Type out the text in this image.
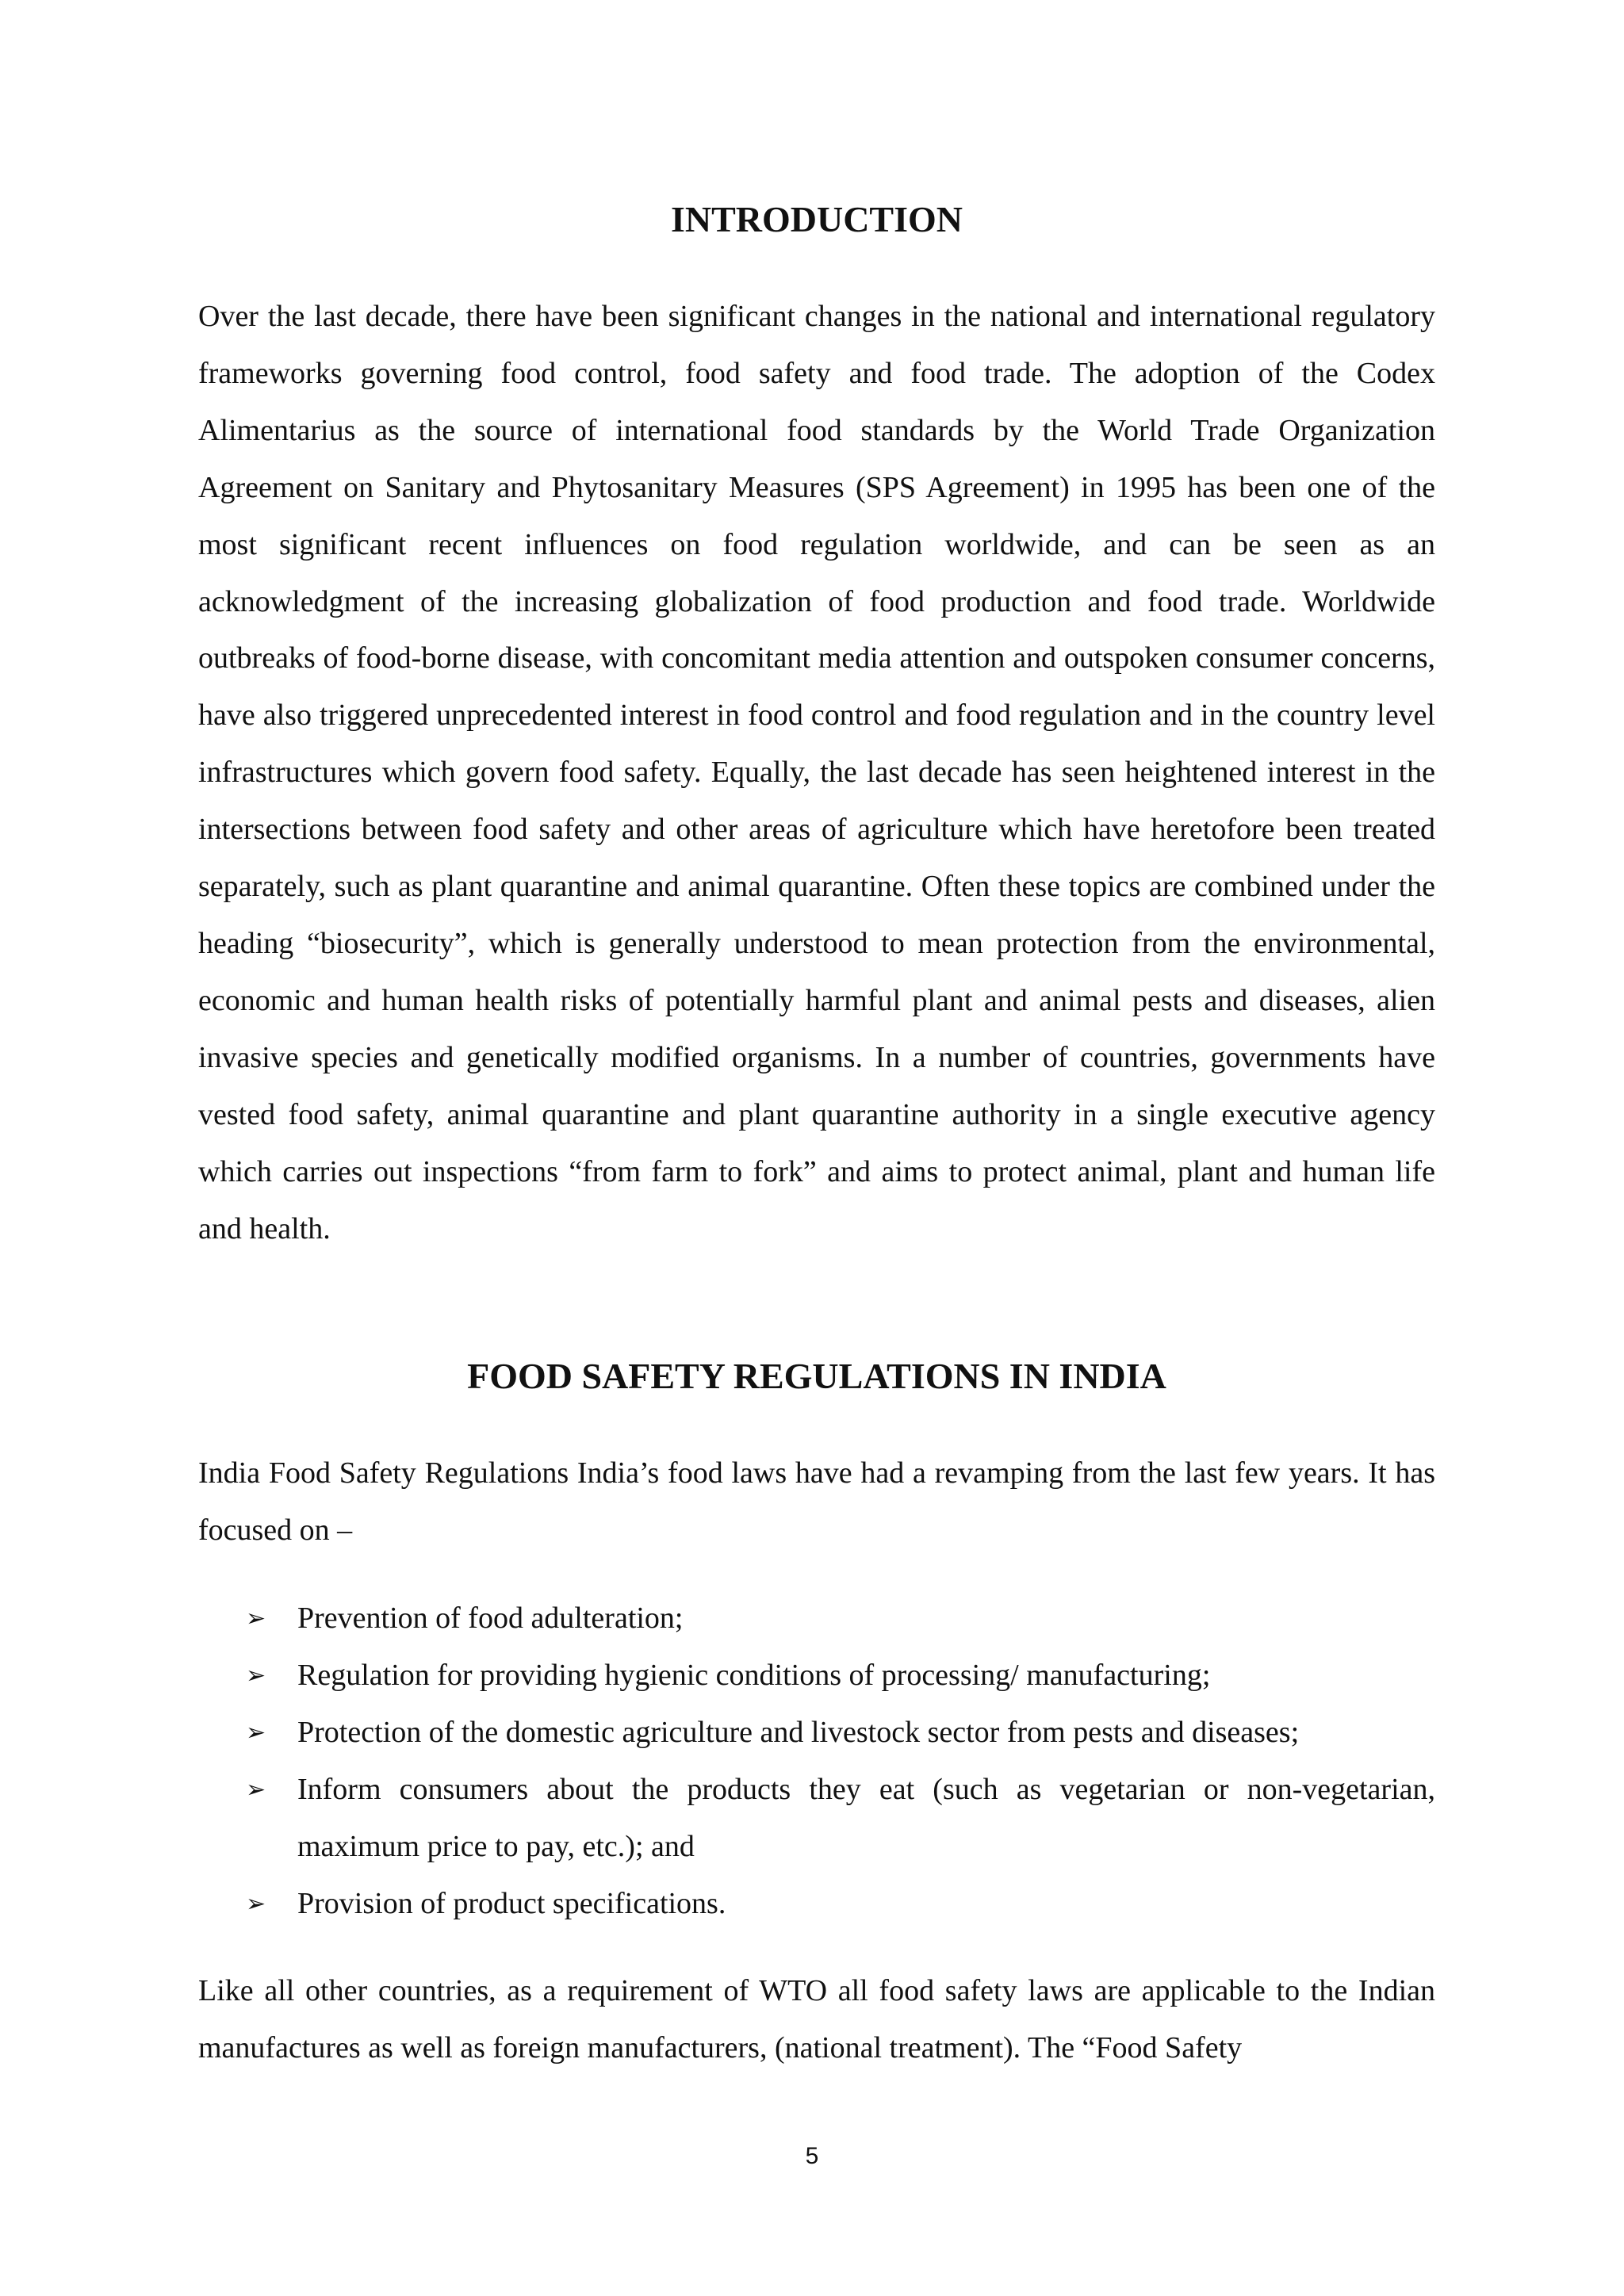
INTRODUCTION

Over the last decade, there have been significant changes in the national and international regulatory frameworks governing food control, food safety and food trade. The adoption of the Codex Alimentarius as the source of international food standards by the World Trade Organization Agreement on Sanitary and Phytosanitary Measures (SPS Agreement) in 1995 has been one of the most significant recent influences on food regulation worldwide, and can be seen as an acknowledgment of the increasing globalization of food production and food trade. Worldwide outbreaks of food-borne disease, with concomitant media attention and outspoken consumer concerns, have also triggered unprecedented interest in food control and food regulation and in the country level infrastructures which govern food safety. Equally, the last decade has seen heightened interest in the intersections between food safety and other areas of agriculture which have heretofore been treated separately, such as plant quarantine and animal quarantine. Often these topics are combined under the heading “biosecurity”, which is generally understood to mean protection from the environmental, economic and human health risks of potentially harmful plant and animal pests and diseases, alien invasive species and genetically modified organisms. In a number of countries, governments have vested food safety, animal quarantine and plant quarantine authority in a single executive agency which carries out inspections “from farm to fork” and aims to protect animal, plant and human life and health.

FOOD SAFETY REGULATIONS IN INDIA

India Food Safety Regulations India’s food laws have had a revamping from the last few years. It has focused on –

➢ Prevention of food adulteration;
➢ Regulation for providing hygienic conditions of processing/ manufacturing;
➢ Protection of the domestic agriculture and livestock sector from pests and diseases;
➢ Inform consumers about the products they eat (such as vegetarian or non-vegetarian, maximum price to pay, etc.); and
➢ Provision of product specifications.

Like all other countries, as a requirement of WTO all food safety laws are applicable to the Indian manufactures as well as foreign manufacturers, (national treatment). The “Food Safety

5
